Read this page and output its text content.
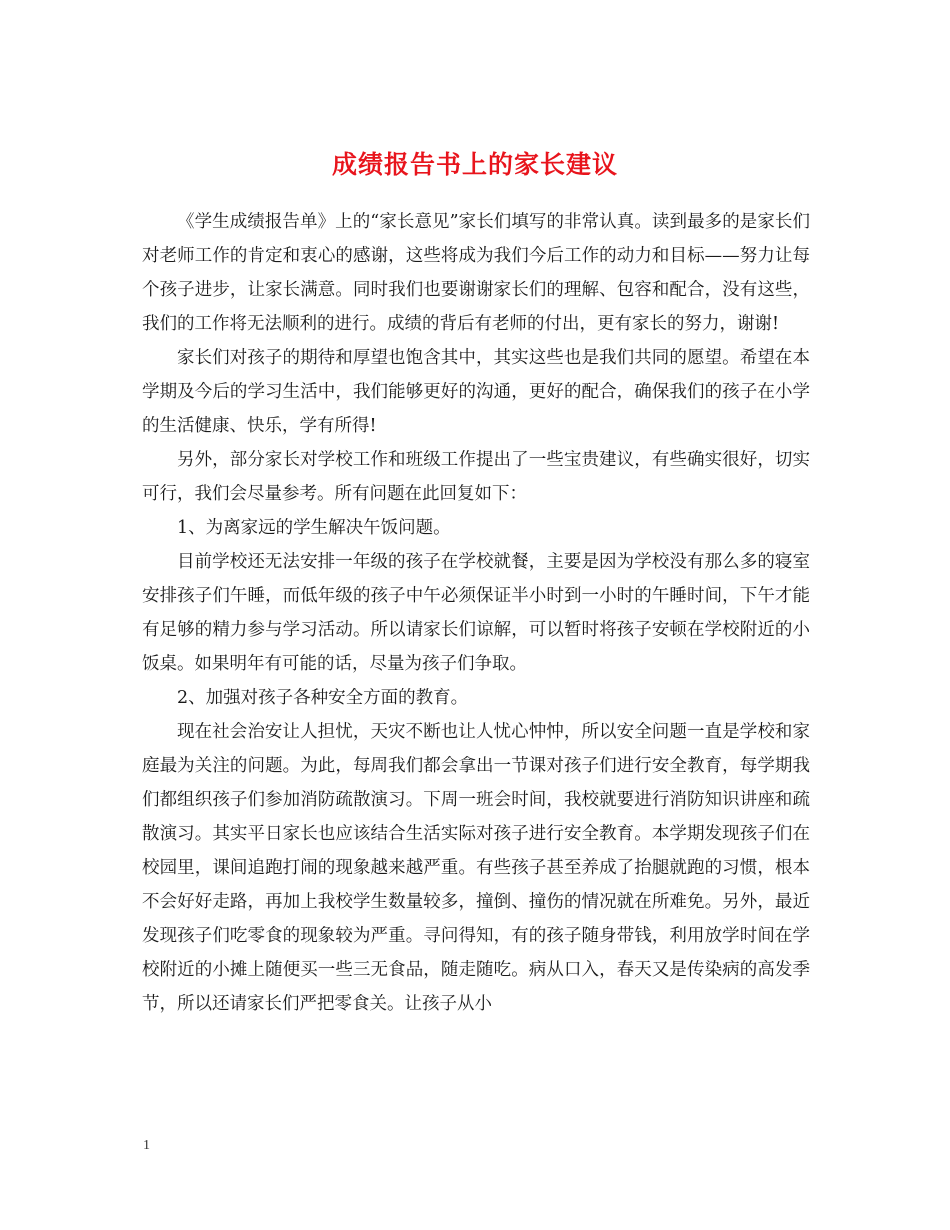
成绩报告书上的家长建议

《学生成绩报告单》上的“家长意见”家长们填写的非常认真。读到最多的是家长们对老师工作的肯定和衷心的感谢，这些将成为我们今后工作的动力和目标——努力让每个孩子进步，让家长满意。同时我们也要谢谢家长们的理解、包容和配合，没有这些，我们的工作将无法顺利的进行。成绩的背后有老师的付出，更有家长的努力，谢谢!

家长们对孩子的期待和厚望也饱含其中，其实这些也是我们共同的愿望。希望在本学期及今后的学习生活中，我们能够更好的沟通，更好的配合，确保我们的孩子在小学的生活健康、快乐，学有所得!

另外，部分家长对学校工作和班级工作提出了一些宝贵建议，有些确实很好，切实可行，我们会尽量参考。所有问题在此回复如下：

1、为离家远的学生解决午饭问题。

目前学校还无法安排一年级的孩子在学校就餐，主要是因为学校没有那么多的寝室安排孩子们午睡，而低年级的孩子中午必须保证半小时到一小时的午睡时间，下午才能有足够的精力参与学习活动。所以请家长们谅解，可以暂时将孩子安顿在学校附近的小饭桌。如果明年有可能的话，尽量为孩子们争取。

2、加强对孩子各种安全方面的教育。

现在社会治安让人担忧，天灾不断也让人忧心忡忡，所以安全问题一直是学校和家庭最为关注的问题。为此，每周我们都会拿出一节课对孩子们进行安全教育，每学期我们都组织孩子们参加消防疏散演习。下周一班会时间，我校就要进行消防知识讲座和疏散演习。其实平日家长也应该结合生活实际对孩子进行安全教育。本学期发现孩子们在校园里，课间追跑打闹的现象越来越严重。有些孩子甚至养成了抬腿就跑的习惯，根本不会好好走路，再加上我校学生数量较多，撞倒、撞伤的情况就在所难免。另外，最近发现孩子们吃零食的现象较为严重。寻问得知，有的孩子随身带钱，利用放学时间在学校附近的小摊上随便买一些三无食品，随走随吃。病从口入，春天又是传染病的高发季节，所以还请家长们严把零食关。让孩子从小

1
